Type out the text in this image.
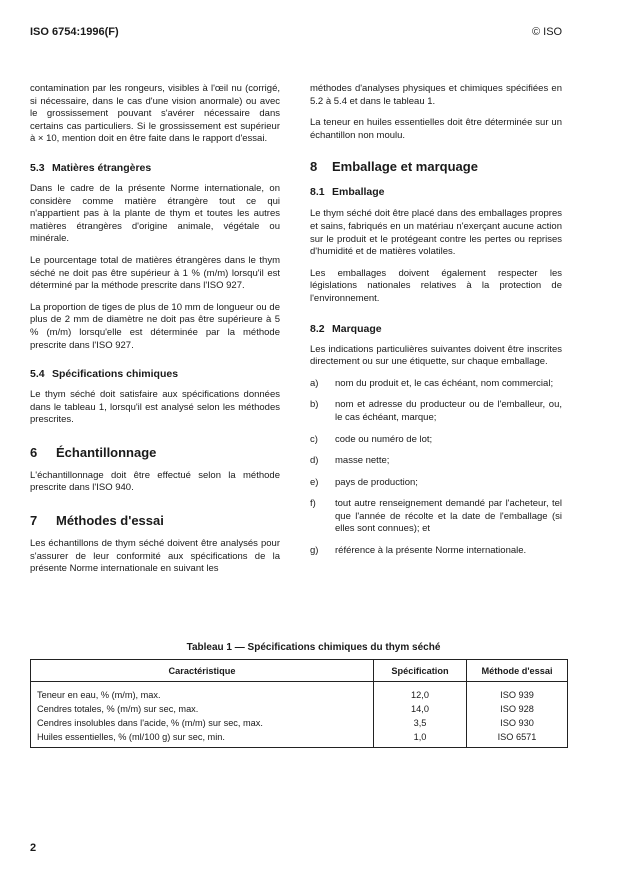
ISO 6754:1996(F)	© ISO

contamination par les rongeurs, visibles à l'œil nu (corrigé, si nécessaire, dans le cas d'une vision anormale) ou avec le grossissement pouvant s'avérer nécessaire dans certains cas particuliers. Si le grossissement est supérieur à × 10, mention doit en être faite dans le rapport d'essai.

5.3 Matières étrangères

Dans le cadre de la présente Norme internationale, on considère comme matière étrangère tout ce qui n'appartient pas à la plante de thym et toutes les autres matières étrangères d'origine animale, végétale ou minérale.

Le pourcentage total de matières étrangères dans le thym séché ne doit pas être supérieur à 1 % (m/m) lorsqu'il est déterminé par la méthode prescrite dans l'ISO 927.

La proportion de tiges de plus de 10 mm de longueur ou de plus de 2 mm de diamètre ne doit pas être supérieure à 5 % (m/m) lorsqu'elle est déterminée par la méthode prescrite dans l'ISO 927.

5.4 Spécifications chimiques

Le thym séché doit satisfaire aux spécifications données dans le tableau 1, lorsqu'il est analysé selon les méthodes prescrites.

6 Échantillonnage

L'échantillonnage doit être effectué selon la méthode prescrite dans l'ISO 940.

7 Méthodes d'essai

Les échantillons de thym séché doivent être analysés pour s'assurer de leur conformité aux spécifications de la présente Norme internationale en suivant les

méthodes d'analyses physiques et chimiques spécifiées en 5.2 à 5.4 et dans le tableau 1.

La teneur en huiles essentielles doit être déterminée sur un échantillon non moulu.

8 Emballage et marquage
8.1 Emballage

Le thym séché doit être placé dans des emballages propres et sains, fabriqués en un matériau n'exerçant aucune action sur le produit et le protégeant contre les pertes ou reprises d'humidité et de matières volatiles.

Les emballages doivent également respecter les législations nationales relatives à la protection de l'environnement.

8.2 Marquage

Les indications particulières suivantes doivent être inscrites directement ou sur une étiquette, sur chaque emballage.

a)	nom du produit et, le cas échéant, nom commercial;
b)	nom et adresse du producteur ou de l'emballeur, ou, le cas échéant, marque;
c)	code ou numéro de lot;
d)	masse nette;
e)	pays de production;
f)	tout autre renseignement demandé par l'acheteur, tel que l'année de récolte et la date de l'emballage (si elles sont connues); et
g)	référence à la présente Norme internationale.
Tableau 1 — Spécifications chimiques du thym séché
Caractéristique	Spécification	Méthode d'essai
Teneur en eau, % (m/m), max.	12,0	ISO 939
Cendres totales, % (m/m) sur sec, max.	14,0	ISO 928
Cendres insolubles dans l'acide, % (m/m) sur sec, max.	3,5	ISO 930
Huiles essentielles, % (ml/100 g) sur sec, min.	1,0	ISO 6571
2
